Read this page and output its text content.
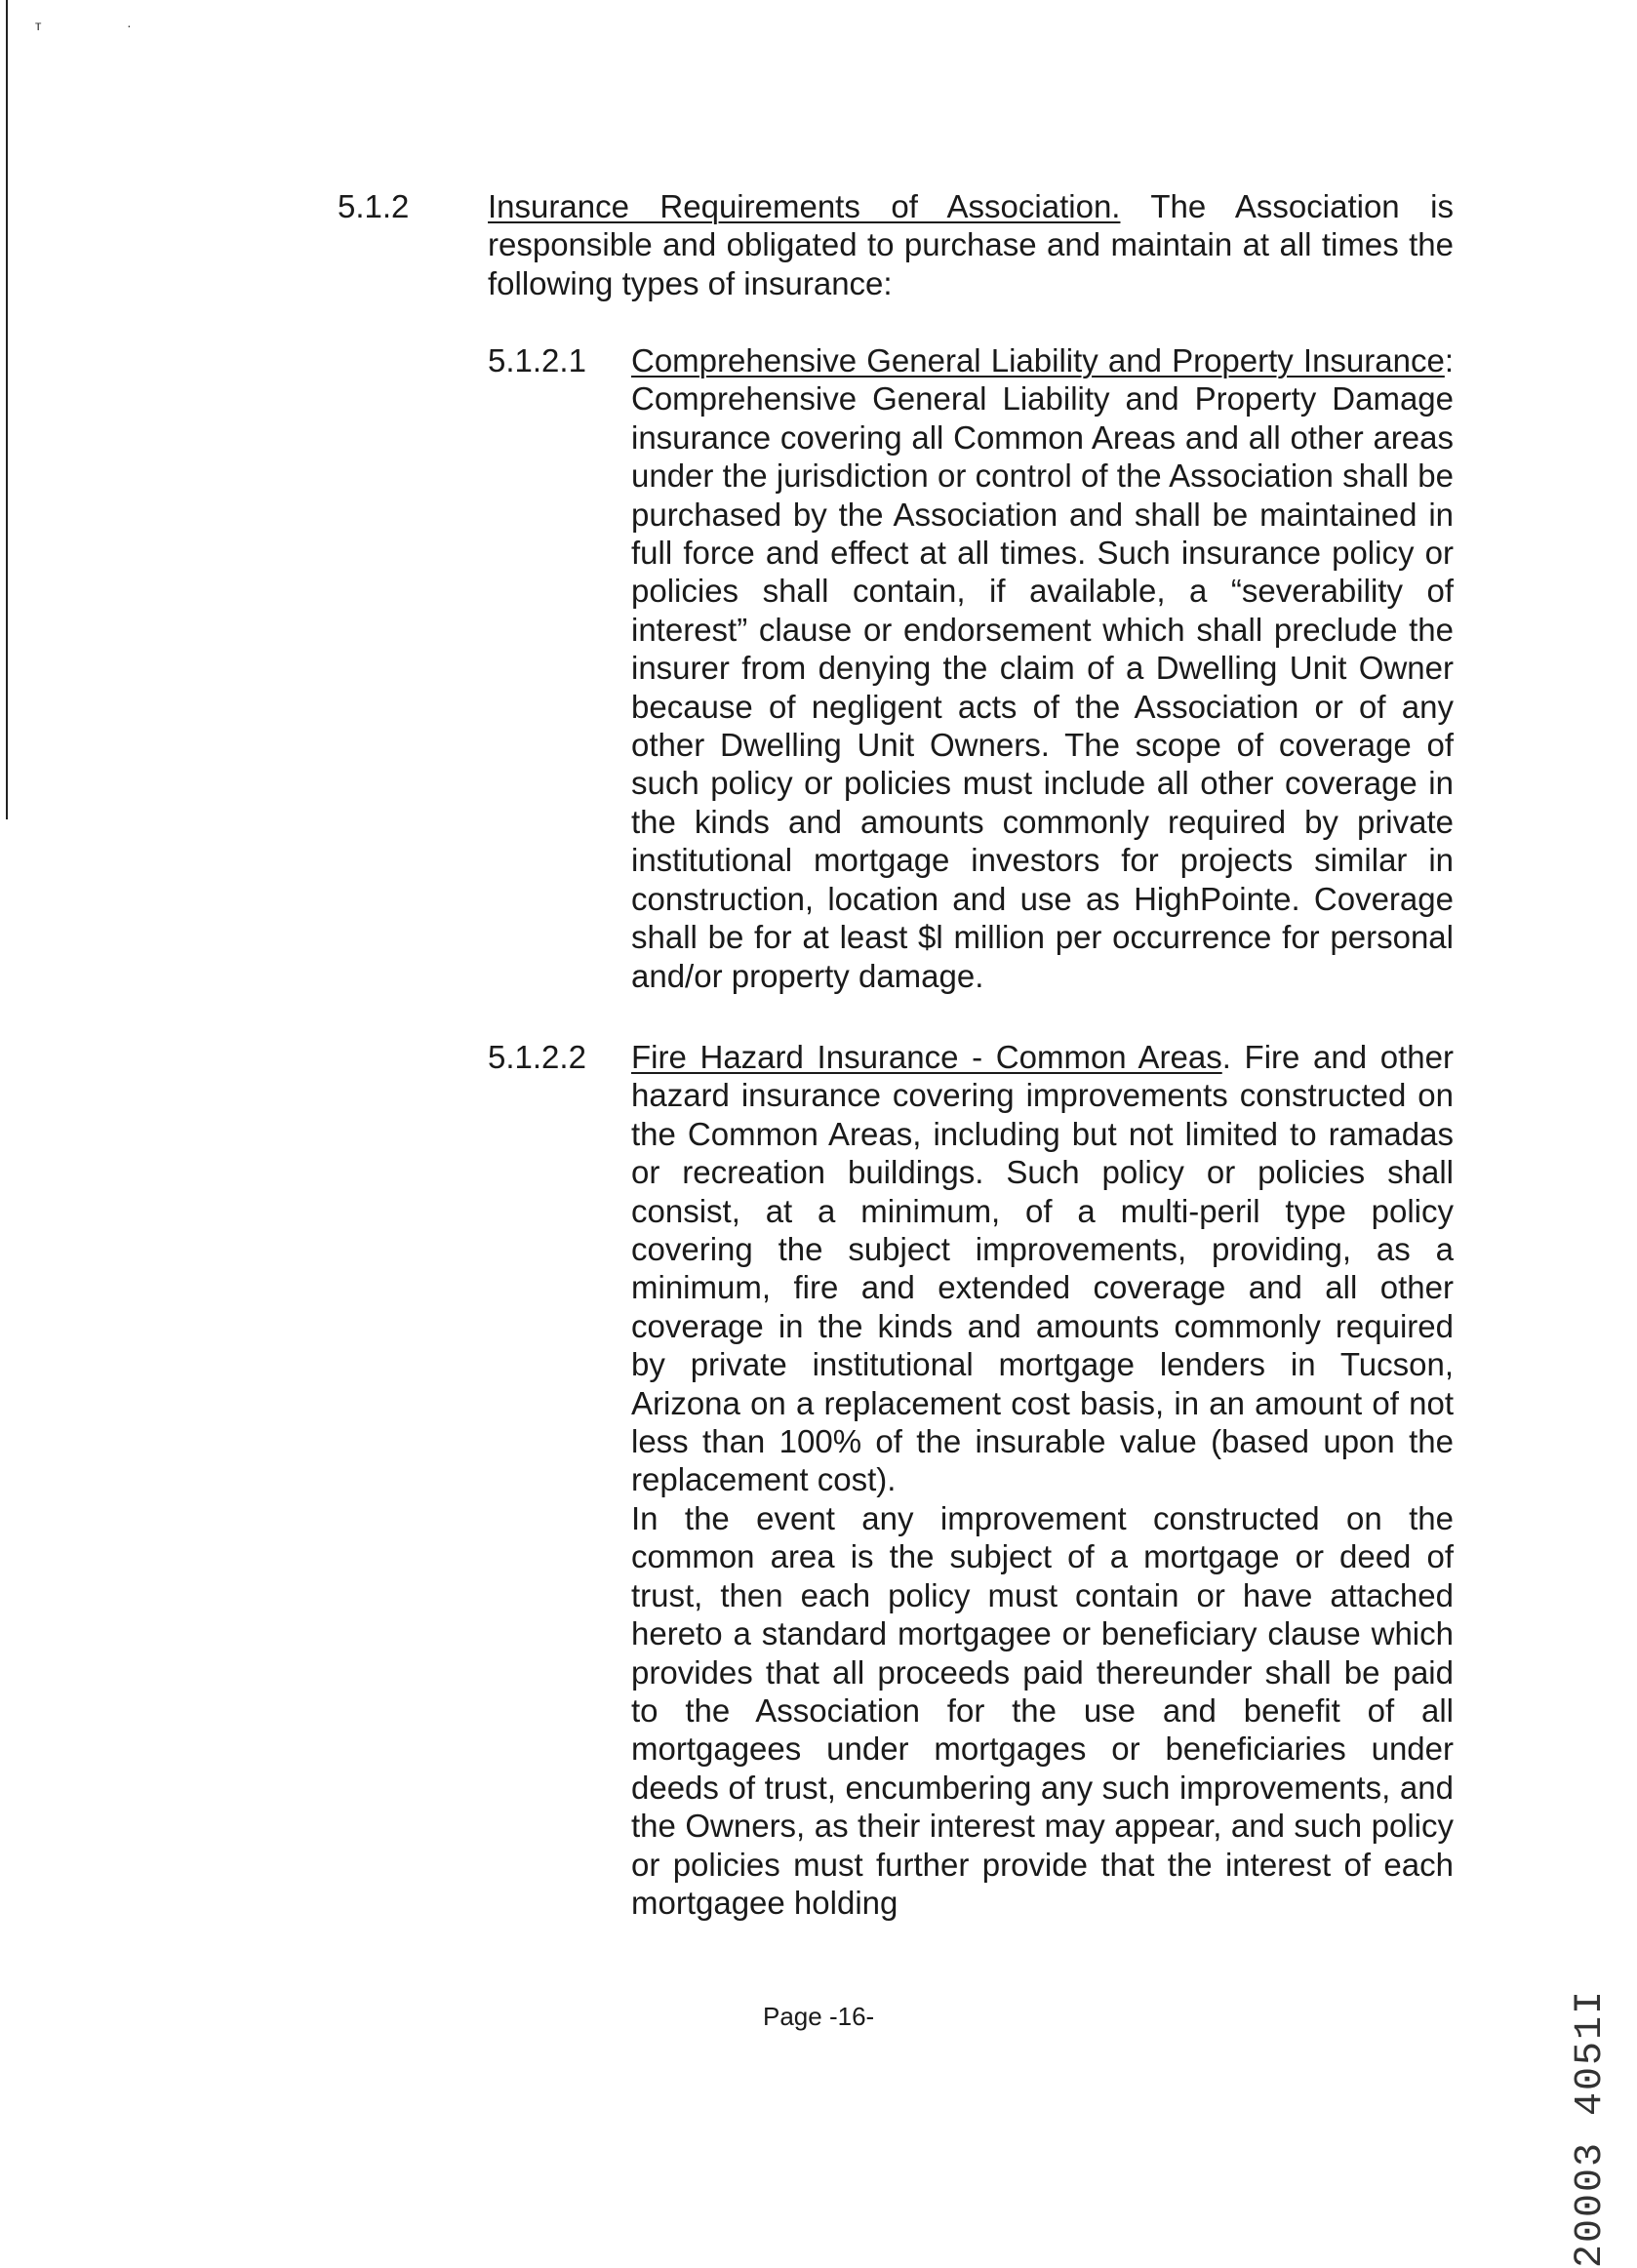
т	·
5.1.2 Insurance Requirements of Association. The Association is responsible and obligated to purchase and maintain at all times the following types of insurance:
5.1.2.1 Comprehensive General Liability and Property Insurance: Comprehensive General Liability and Property Damage insurance covering all Common Areas and all other areas under the jurisdiction or control of the Association shall be purchased by the Association and shall be maintained in full force and effect at all times. Such insurance policy or policies shall contain, if available, a “severability of interest” clause or endorsement which shall preclude the insurer from denying the claim of a Dwelling Unit Owner because of negligent acts of the Association or of any other Dwelling Unit Owners. The scope of coverage of such policy or policies must include all other coverage in the kinds and amounts commonly required by private institutional mortgage investors for projects similar in construction, location and use as HighPointe. Coverage shall be for at least $l million per occurrence for personal and/or property damage.
5.1.2.2 Fire Hazard Insurance - Common Areas. Fire and other hazard insurance covering improvements constructed on the Common Areas, including but not limited to ramadas or recreation buildings. Such policy or policies shall consist, at a minimum, of a multi-peril type policy covering the subject improvements, providing, as a minimum, fire and extended coverage and all other coverage in the kinds and amounts commonly required by private institutional mortgage lenders in Tucson, Arizona on a replacement cost basis, in an amount of not less than 100% of the insurable value (based upon the replacement cost).
In the event any improvement constructed on the common area is the subject of a mortgage or deed of trust, then each policy must contain or have attached hereto a standard mortgagee or beneficiary clause which provides that all proceeds paid thereunder shall be paid to the Association for the use and benefit of all mortgagees under mortgages or beneficiaries under deeds of trust, encumbering any such improvements, and the Owners, as their interest may appear, and such policy or policies must further provide that the interest of each mortgagee holding
Page -16-	20003 4051I
